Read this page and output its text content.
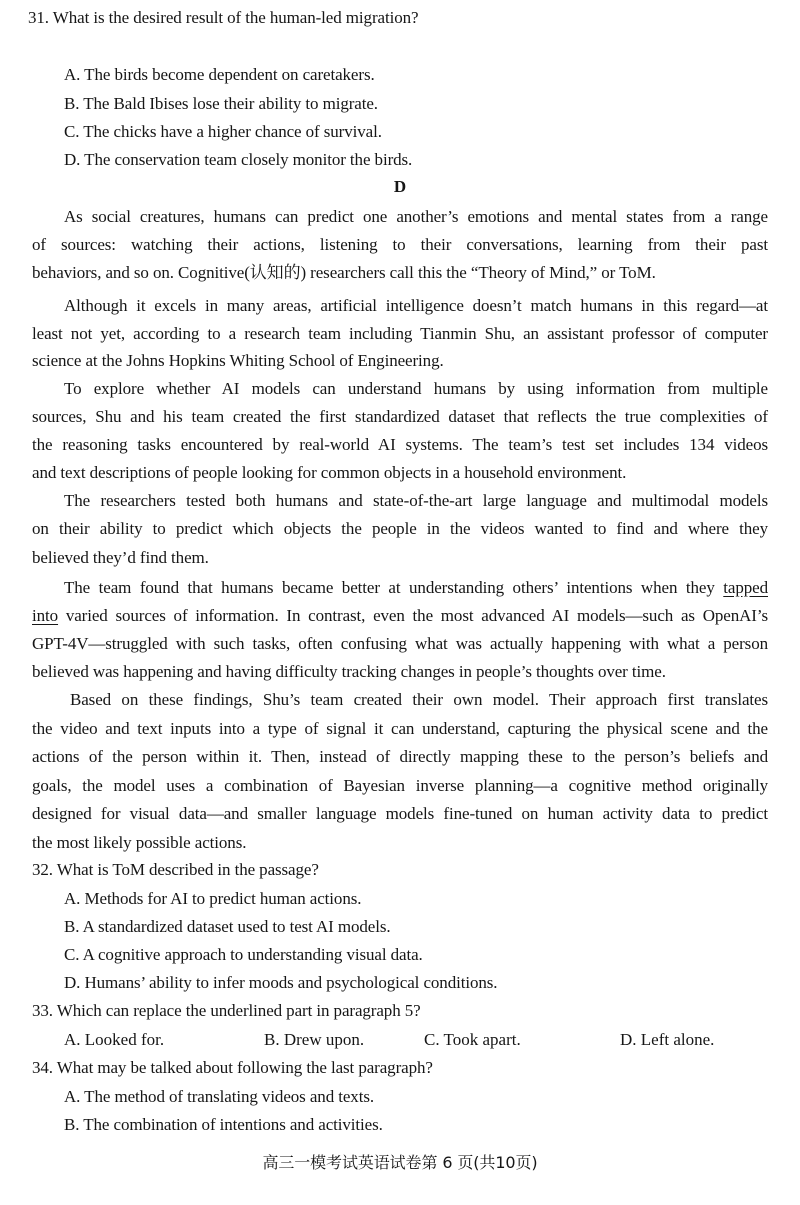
31. What is the desired result of the human-led migration?
A. The birds become dependent on caretakers.
B. The Bald Ibises lose their ability to migrate.
C. The chicks have a higher chance of survival.
D. The conservation team closely monitor the birds.
D
As social creatures, humans can predict one another’s emotions and mental states from a range
of sources: watching their actions, listening to their conversations, learning from their past
behaviors, and so on. Cognitive(认知的) researchers call this the “Theory of Mind,” or ToM.
Although it excels in many areas, artificial intelligence doesn’t match humans in this regard—at
least not yet, according to a research team including Tianmin Shu, an assistant professor of computer
science at the Johns Hopkins Whiting School of Engineering.
To explore whether AI models can understand humans by using information from multiple
sources, Shu and his team created the first standardized dataset that reflects the true complexities of
the reasoning tasks encountered by real-world AI systems. The team’s test set includes 134 videos
and text descriptions of people looking for common objects in a household environment.
The researchers tested both humans and state-of-the-art large language and multimodal models
on their ability to predict which objects the people in the videos wanted to find and where they
believed they’d find them.
The team found that humans became better at understanding others’ intentions when they tapped
into varied sources of information. In contrast, even the most advanced AI models—such as OpenAI’s
GPT-4V—struggled with such tasks, often confusing what was actually happening with what a person
believed was happening and having difficulty tracking changes in people’s thoughts over time.
Based on these findings, Shu’s team created their own model. Their approach first translates
the video and text inputs into a type of signal it can understand, capturing the physical scene and the
actions of the person within it. Then, instead of directly mapping these to the person’s beliefs and
goals, the model uses a combination of Bayesian inverse planning—a cognitive method originally
designed for visual data—and smaller language models fine-tuned on human activity data to predict
the most likely possible actions.
32. What is ToM described in the passage?
A. Methods for AI to predict human actions.
B. A standardized dataset used to test AI models.
C. A cognitive approach to understanding visual data.
D. Humans’ ability to infer moods and psychological conditions.
33. Which can replace the underlined part in paragraph 5?
A. Looked for.	B. Drew upon.	C. Took apart.	D. Left alone.
34. What may be talked about following the last paragraph?
A. The method of translating videos and texts.
B. The combination of intentions and activities.
高三一模考试英语试卷第 6 页(共10页)
